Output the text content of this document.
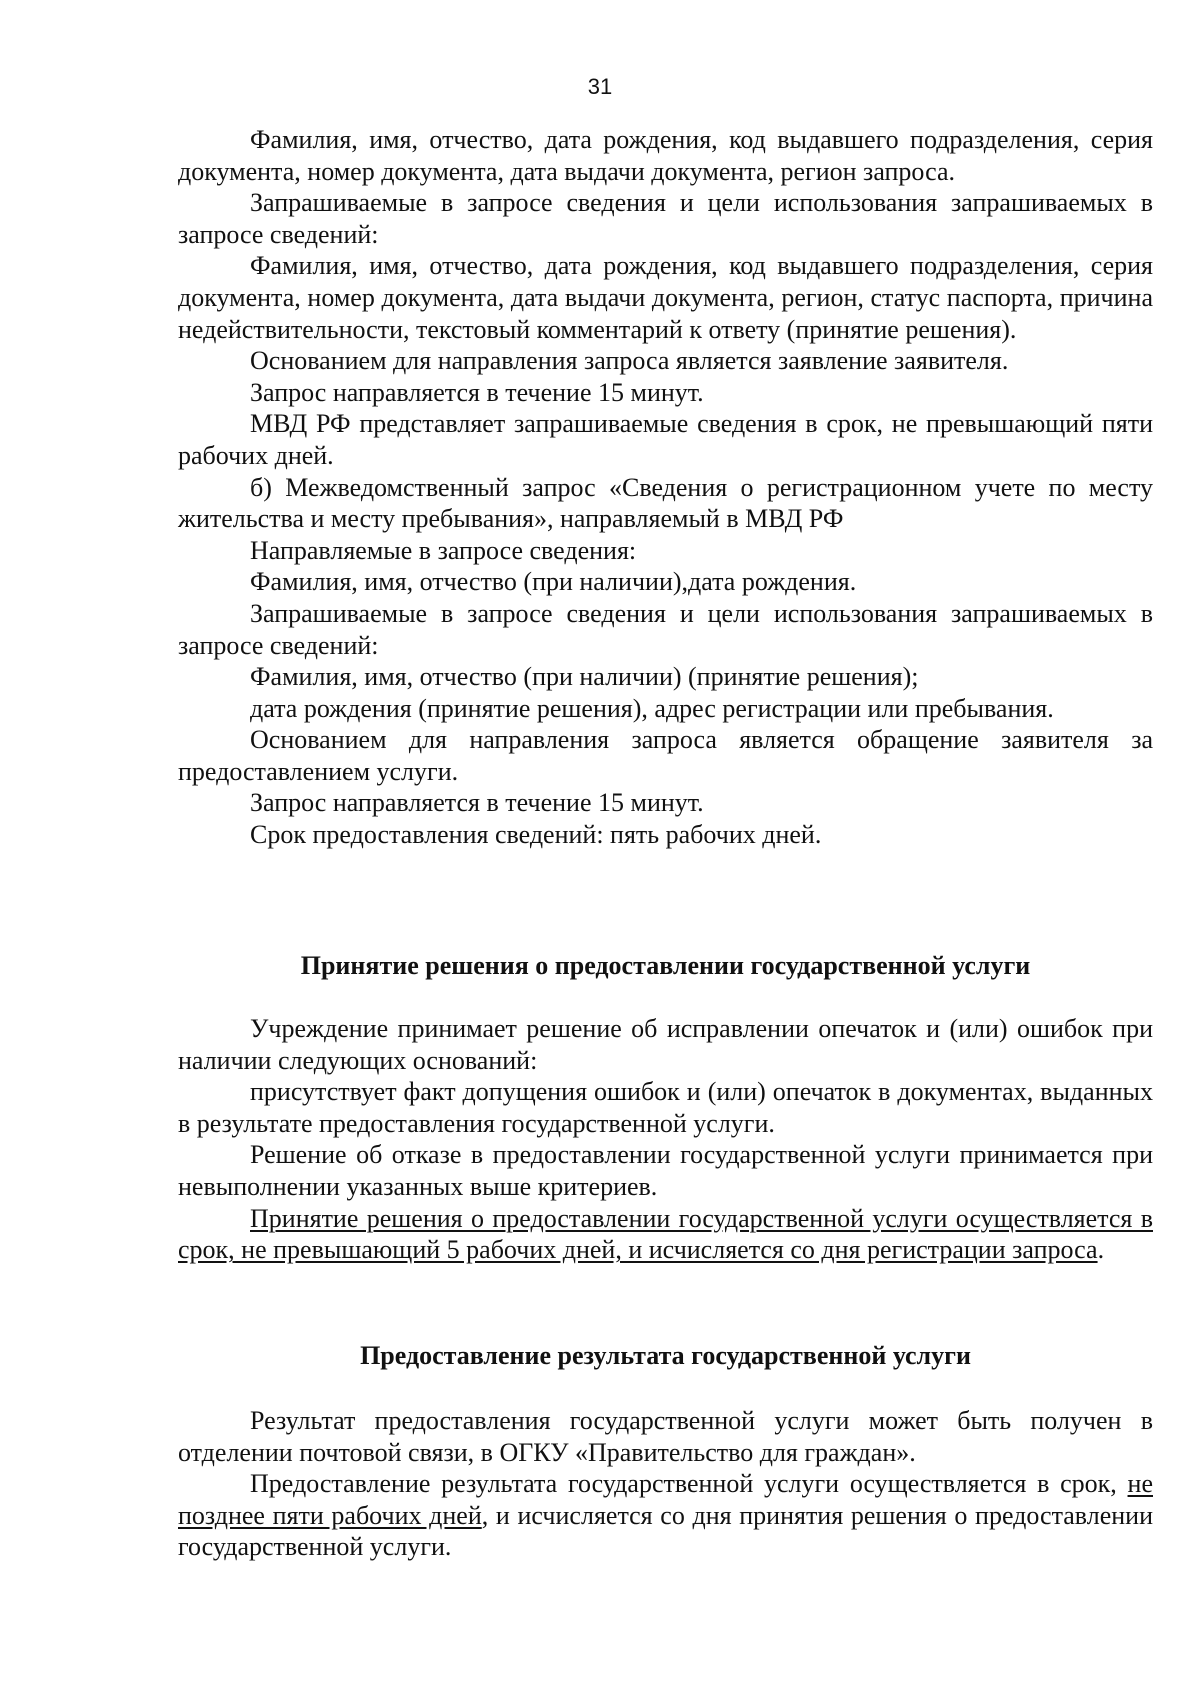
31

Фамилия, имя, отчество, дата рождения, код выдавшего подразделения, серия документа, номер документа, дата выдачи документа, регион запроса.

Запрашиваемые в запросе сведения и цели использования запрашиваемых в запросе сведений:

Фамилия, имя, отчество, дата рождения, код выдавшего подразделения, серия документа, номер документа, дата выдачи документа, регион, статус паспорта, причина недействительности, текстовый комментарий к ответу (принятие решения).

Основанием для направления запроса является заявление заявителя.

Запрос направляется в течение 15 минут.

МВД РФ представляет запрашиваемые сведения в срок, не превышающий пяти рабочих дней.

б) Межведомственный запрос «Сведения о регистрационном учете по месту жительства и месту пребывания», направляемый в МВД РФ

Направляемые в запросе сведения:

Фамилия, имя, отчество (при наличии),дата рождения.

Запрашиваемые в запросе сведения и цели использования запрашиваемых в запросе сведений:

Фамилия, имя, отчество (при наличии) (принятие решения);

дата рождения (принятие решения), адрес регистрации или пребывания.

Основанием для направления запроса является обращение заявителя за предоставлением услуги.

Запрос направляется в течение 15 минут.

Срок предоставления сведений: пять рабочих дней.

Принятие решения о предоставлении государственной услуги

Учреждение принимает решение об исправлении опечаток и (или) ошибок при наличии следующих оснований:

присутствует факт допущения ошибок и (или) опечаток в документах, выданных в результате предоставления государственной услуги.

Решение об отказе в предоставлении государственной услуги принимается при невыполнении указанных выше критериев.

Принятие решения о предоставлении государственной услуги осуществляется в срок, не превышающий 5 рабочих дней, и исчисляется со дня регистрации запроса.

Предоставление результата государственной услуги

Результат предоставления государственной услуги может быть получен в отделении почтовой связи, в ОГКУ «Правительство для граждан».

Предоставление результата государственной услуги осуществляется в срок, не позднее пяти рабочих дней, и исчисляется со дня принятия решения о предоставлении государственной услуги.
